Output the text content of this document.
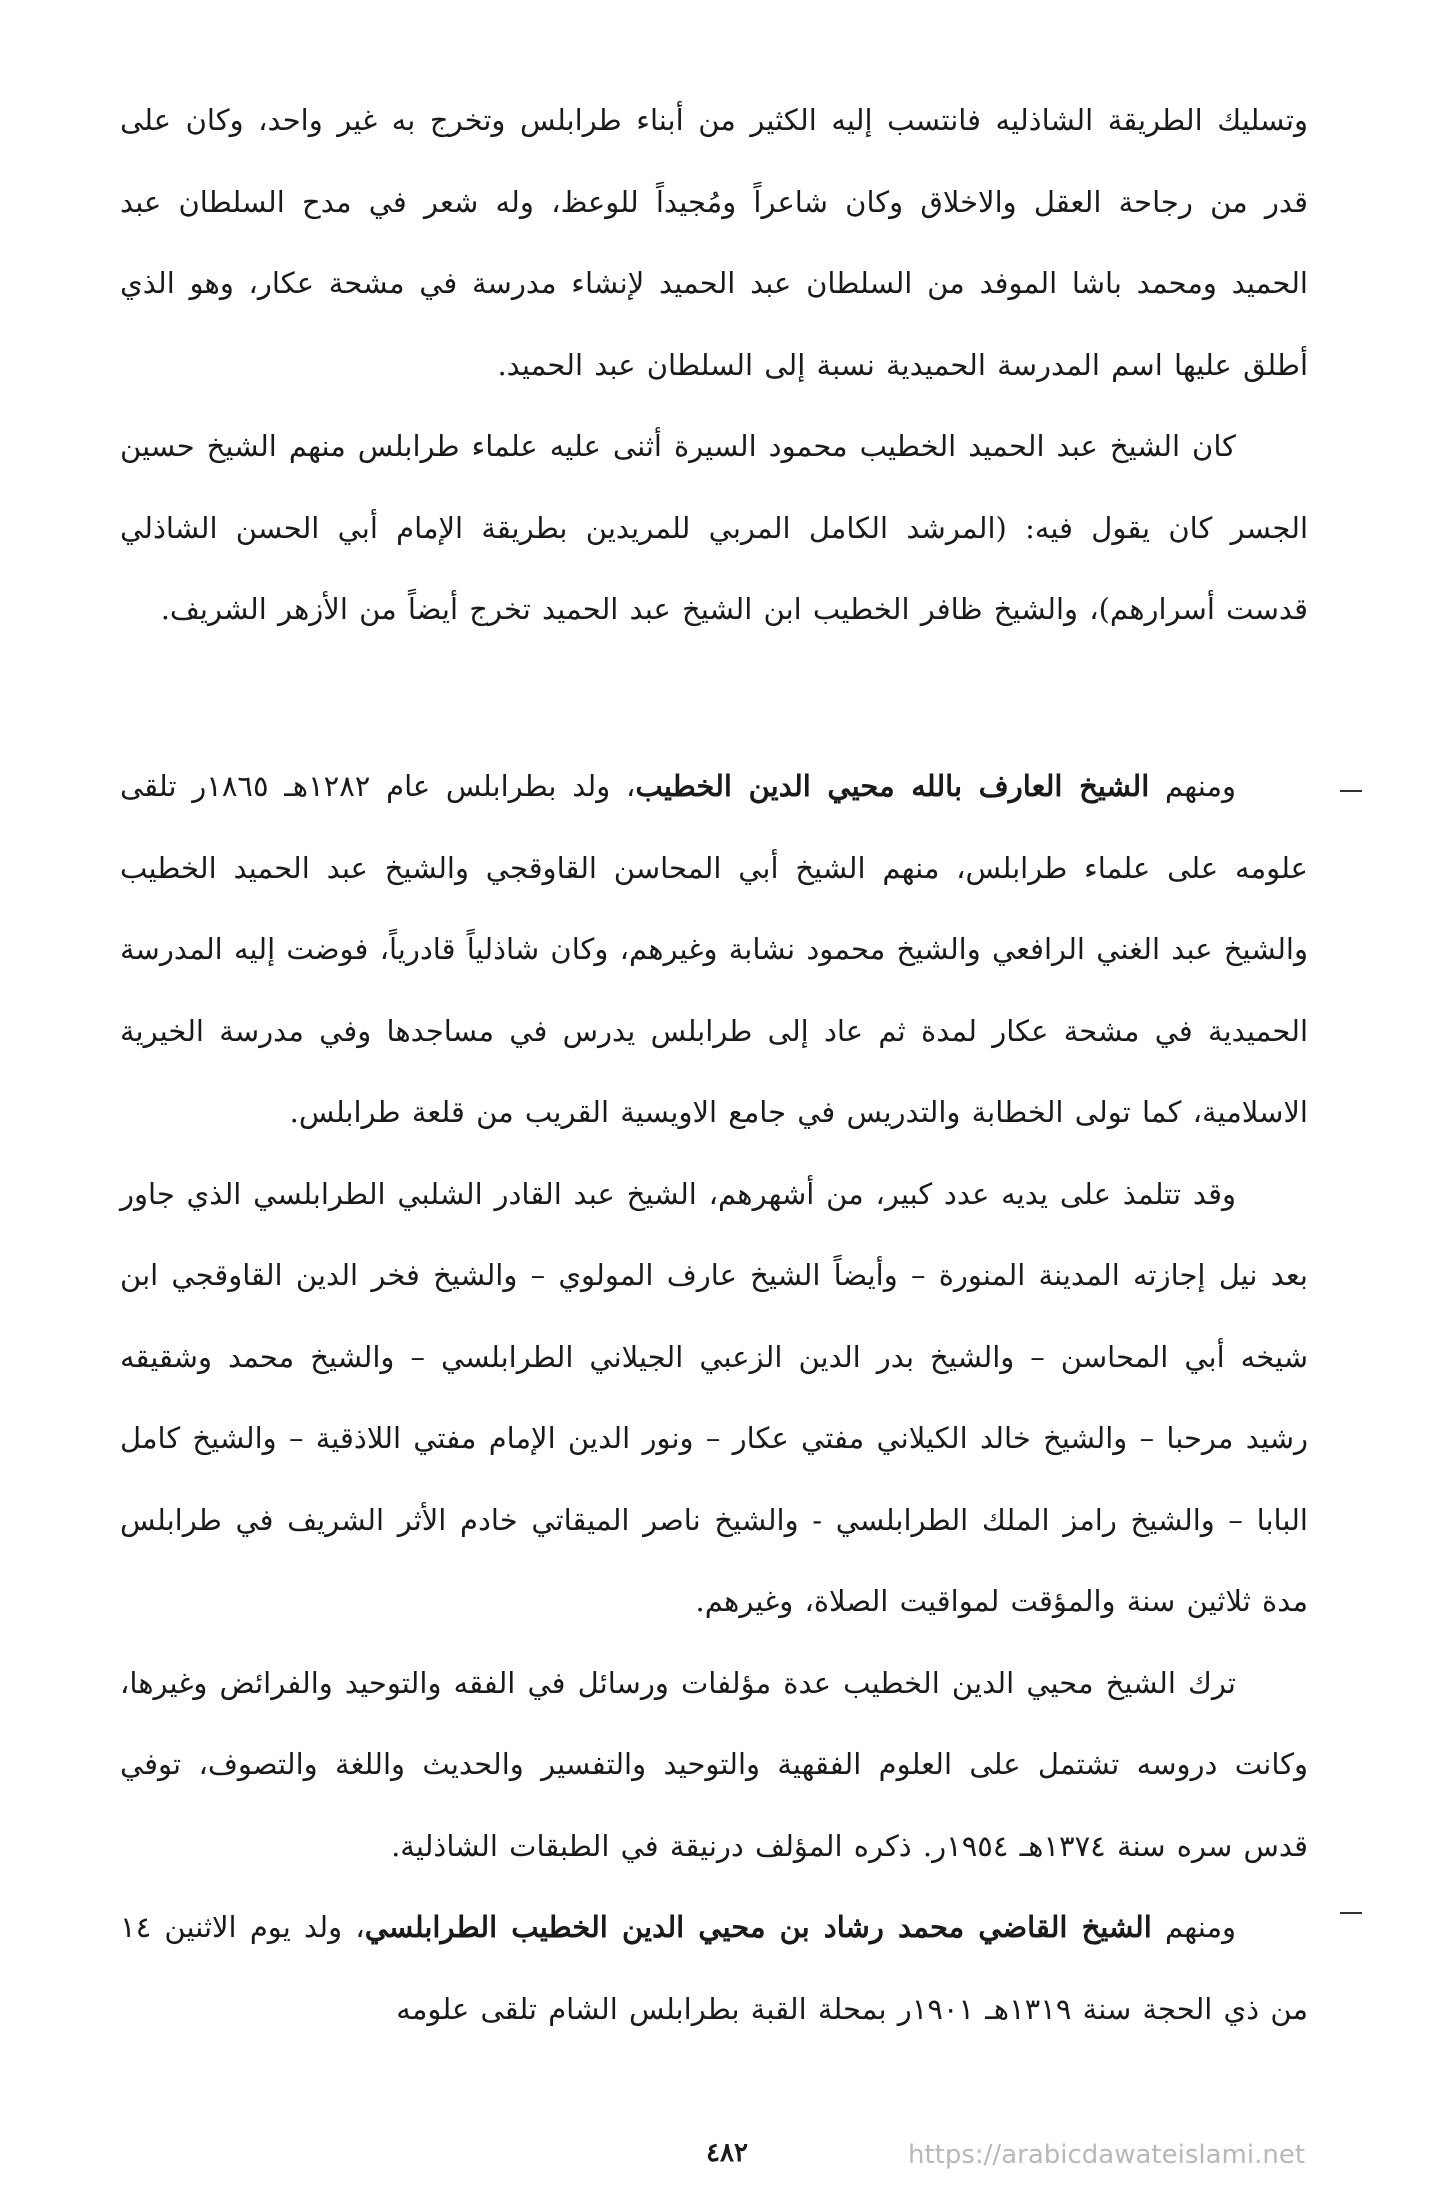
وتسليك الطريقة الشاذليه فانتسب إليه الكثير من أبناء طرابلس وتخرج به غير واحد، وكان على قدر من رجاحة العقل والاخلاق وكان شاعراً ومُجيداً للوعظ، وله شعر في مدح السلطان عبد الحميد ومحمد باشا الموفد من السلطان عبد الحميد لإنشاء مدرسة في مشحة عكار، وهو الذي أطلق عليها اسم المدرسة الحميدية نسبة إلى السلطان عبد الحميد.

كان الشيخ عبد الحميد الخطيب محمود السيرة أثنى عليه علماء طرابلس منهم الشيخ حسين الجسر كان يقول فيه: (المرشد الكامل المربي للمريدين بطريقة الإمام أبي الحسن الشاذلي قدست أسرارهم)، والشيخ ظافر الخطيب ابن الشيخ عبد الحميد تخرج أيضاً من الأزهر الشريف.

ومنهم الشيخ العارف بالله محيي الدين الخطيب، ولد بطرابلس عام ١٢٨٢هـ ١٨٦٥ر تلقى علومه على علماء طرابلس، منهم الشيخ أبي المحاسن القاوقجي والشيخ عبد الحميد الخطيب والشيخ عبد الغني الرافعي والشيخ محمود نشابة وغيرهم، وكان شاذلياً قادرياً، فوضت إليه المدرسة الحميدية في مشحة عكار لمدة ثم عاد إلى طرابلس يدرس في مساجدها وفي مدرسة الخيرية الاسلامية، كما تولى الخطابة والتدريس في جامع الاويسية القريب من قلعة طرابلس.

وقد تتلمذ على يديه عدد كبير، من أشهرهم، الشيخ عبد القادر الشلبي الطرابلسي الذي جاور بعد نيل إجازته المدينة المنورة – وأيضاً الشيخ عارف المولوي – والشيخ فخر الدين القاوقجي ابن شيخه أبي المحاسن – والشيخ بدر الدين الزعبي الجيلاني الطرابلسي – والشيخ محمد وشقيقه رشيد مرحبا – والشيخ خالد الكيلاني مفتي عكار – ونور الدين الإمام مفتي اللاذقية – والشيخ كامل البابا – والشيخ رامز الملك الطرابلسي - والشيخ ناصر الميقاتي خادم الأثر الشريف في طرابلس مدة ثلاثين سنة والمؤقت لمواقيت الصلاة، وغيرهم.

ترك الشيخ محيي الدين الخطيب عدة مؤلفات ورسائل في الفقه والتوحيد والفرائض وغيرها، وكانت دروسه تشتمل على العلوم الفقهية والتوحيد والتفسير والحديث واللغة والتصوف، توفي قدس سره سنة ١٣٧٤هـ ١٩٥٤ر. ذكره المؤلف درنيقة في الطبقات الشاذلية.

ومنهم الشيخ القاضي محمد رشاد بن محيي الدين الخطيب الطرابلسي، ولد يوم الاثنين ١٤ من ذي الحجة سنة ١٣١٩هـ ١٩٠١ر بمحلة القبة بطرابلس الشام تلقى علومه

٤٨٢	https://arabicdawateislami.net
